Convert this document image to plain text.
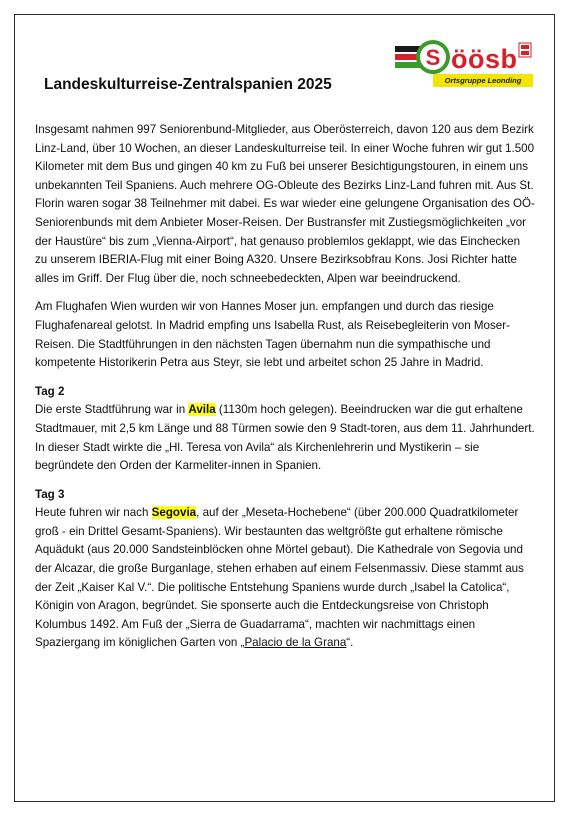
S öösb
Ortsgruppe Leonding
Landeskulturreise-Zentralspanien 2025

Insgesamt nahmen 997 Seniorenbund-Mitglieder, aus Oberösterreich, davon 120 aus dem Bezirk Linz-Land, über 10 Wochen, an dieser Landeskulturreise teil. In einer Woche fuhren wir gut 1.500 Kilometer mit dem Bus und gingen 40 km zu Fuß bei unserer Besichtigungstouren, in einem uns unbekannten Teil Spaniens. Auch mehrere OG-Obleute des Bezirks Linz-Land fuhren mit. Aus St. Florin waren sogar 38 Teilnehmer mit dabei. Es war wieder eine gelungene Organisation des OÖ-Seniorenbunds mit dem Anbieter Moser-Reisen. Der Bustransfer mit Zustiegsmöglichkeiten „vor der Haustüre“ bis zum „Vienna-Airport“, hat genauso problemlos geklappt, wie das Einchecken zu unserem IBERIA-Flug mit einer Boing A320. Unsere Bezirksobfrau Kons. Josi Richter hatte alles im Griff. Der Flug über die, noch schneebedeckten, Alpen war beeindruckend.

Am Flughafen Wien wurden wir von Hannes Moser jun. empfangen und durch das riesige Flughafenareal gelotst. In Madrid empfing uns Isabella Rust, als Reisebegleiterin von Moser-Reisen. Die Stadtführungen in den nächsten Tagen übernahm nun die sympathische und kompetente Historikerin Petra aus Steyr, sie lebt und arbeitet schon 25 Jahre in Madrid.

Tag 2

Die erste Stadtführung war in Avila (1130m hoch gelegen). Beeindrucken war die gut erhaltene Stadtmauer, mit 2,5 km Länge und 88 Türmen sowie den 9 Stadt-toren, aus dem 11. Jahrhundert. In dieser Stadt wirkte die „Hl. Teresa von Avila“ als Kirchenlehrerin und Mystikerin – sie begründete den Orden der Karmeliter-innen in Spanien.

Tag 3

Heute fuhren wir nach Segovia, auf der „Meseta-Hochebene“ (über 200.000 Quadratkilometer groß - ein Drittel Gesamt-Spaniens). Wir bestaunten das weltgrößte gut erhaltene römische Aquädukt (aus 20.000 Sandsteinblöcken ohne Mörtel gebaut). Die Kathedrale von Segovia und der Alcazar, die große Burganlage, stehen erhaben auf einem Felsenmassiv. Diese stammt aus der Zeit „Kaiser Kal V.“. Die politische Entstehung Spaniens wurde durch „Isabel la Catolica“, Königin von Aragon, begründet. Sie sponserte auch die Entdeckungsreise von Christoph Kolumbus 1492. Am Fuß der „Sierra de Guadarrama“, machten wir nachmittags einen Spaziergang im königlichen Garten von „Palacio de la Grana“.
